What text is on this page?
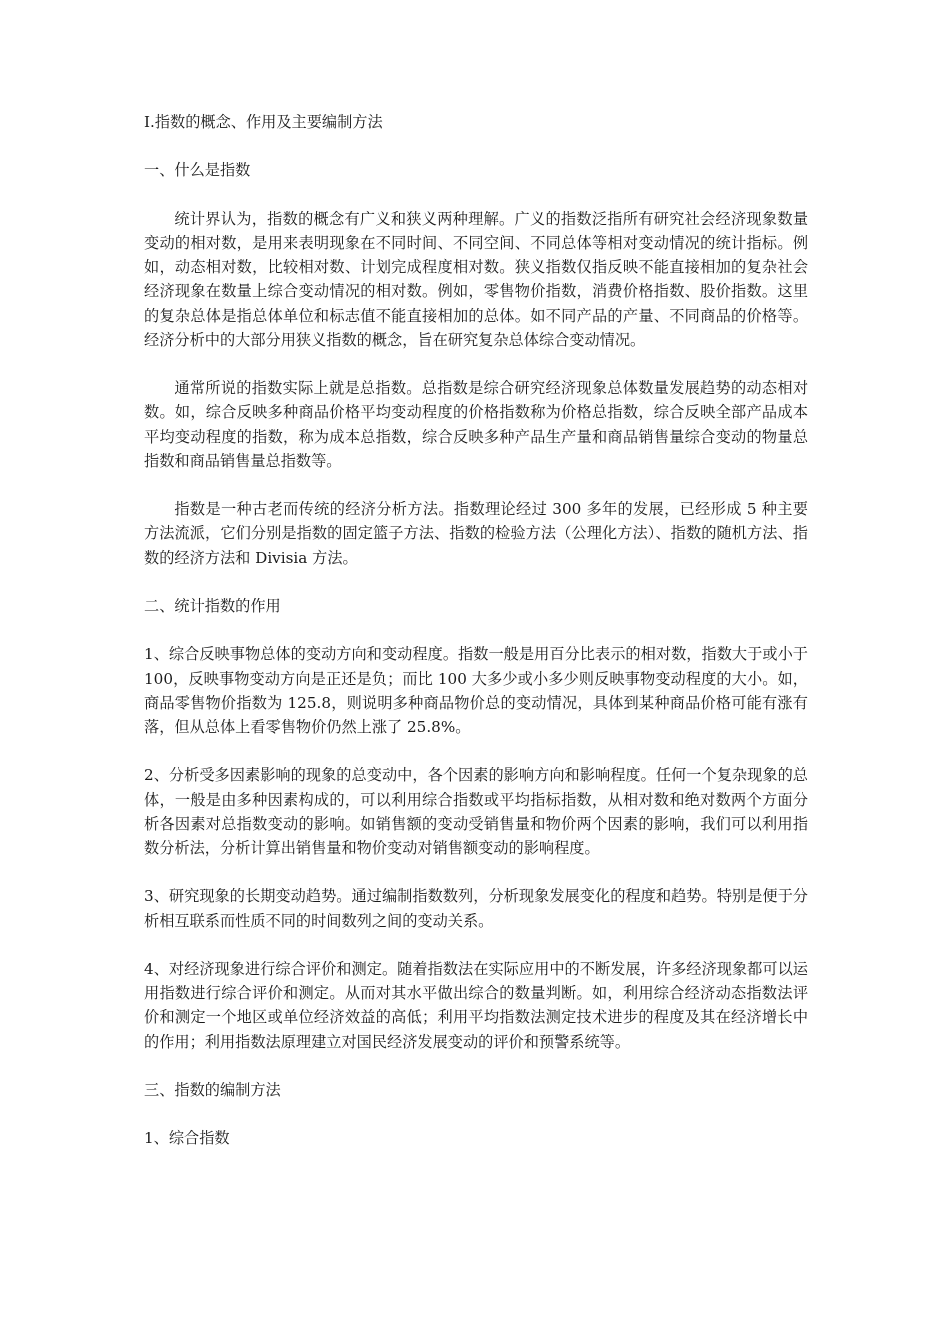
I.指数的概念、作用及主要编制方法

一、什么是指数

统计界认为，指数的概念有广义和狭义两种理解。广义的指数泛指所有研究社会经济现象数量变动的相对数，是用来表明现象在不同时间、不同空间、不同总体等相对变动情况的统计指标。例如，动态相对数，比较相对数、计划完成程度相对数。狭义指数仅指反映不能直接相加的复杂社会经济现象在数量上综合变动情况的相对数。例如，零售物价指数，消费价格指数、股价指数。这里的复杂总体是指总体单位和标志值不能直接相加的总体。如不同产品的产量、不同商品的价格等。经济分析中的大部分用狭义指数的概念，旨在研究复杂总体综合变动情况。

通常所说的指数实际上就是总指数。总指数是综合研究经济现象总体数量发展趋势的动态相对数。如，综合反映多种商品价格平均变动程度的价格指数称为价格总指数，综合反映全部产品成本平均变动程度的指数，称为成本总指数，综合反映多种产品生产量和商品销售量综合变动的物量总指数和商品销售量总指数等。

指数是一种古老而传统的经济分析方法。指数理论经过 300 多年的发展，已经形成 5 种主要方法流派，它们分别是指数的固定篮子方法、指数的检验方法（公理化方法）、指数的随机方法、指数的经济方法和 Divisia 方法。

二、统计指数的作用

1、综合反映事物总体的变动方向和变动程度。指数一般是用百分比表示的相对数，指数大于或小于 100，反映事物变动方向是正还是负；而比 100 大多少或小多少则反映事物变动程度的大小。如，商品零售物价指数为 125.8，则说明多种商品物价总的变动情况，具体到某种商品价格可能有涨有落，但从总体上看零售物价仍然上涨了 25.8%。

2、分析受多因素影响的现象的总变动中，各个因素的影响方向和影响程度。任何一个复杂现象的总体，一般是由多种因素构成的，可以利用综合指数或平均指标指数，从相对数和绝对数两个方面分析各因素对总指数变动的影响。如销售额的变动受销售量和物价两个因素的影响，我们可以利用指数分析法，分析计算出销售量和物价变动对销售额变动的影响程度。

3、研究现象的长期变动趋势。通过编制指数数列，分析现象发展变化的程度和趋势。特别是便于分析相互联系而性质不同的时间数列之间的变动关系。

4、对经济现象进行综合评价和测定。随着指数法在实际应用中的不断发展，许多经济现象都可以运用指数进行综合评价和测定。从而对其水平做出综合的数量判断。如，利用综合经济动态指数法评价和测定一个地区或单位经济效益的高低；利用平均指数法测定技术进步的程度及其在经济增长中的作用；利用指数法原理建立对国民经济发展变动的评价和预警系统等。

三、指数的编制方法

1、综合指数
